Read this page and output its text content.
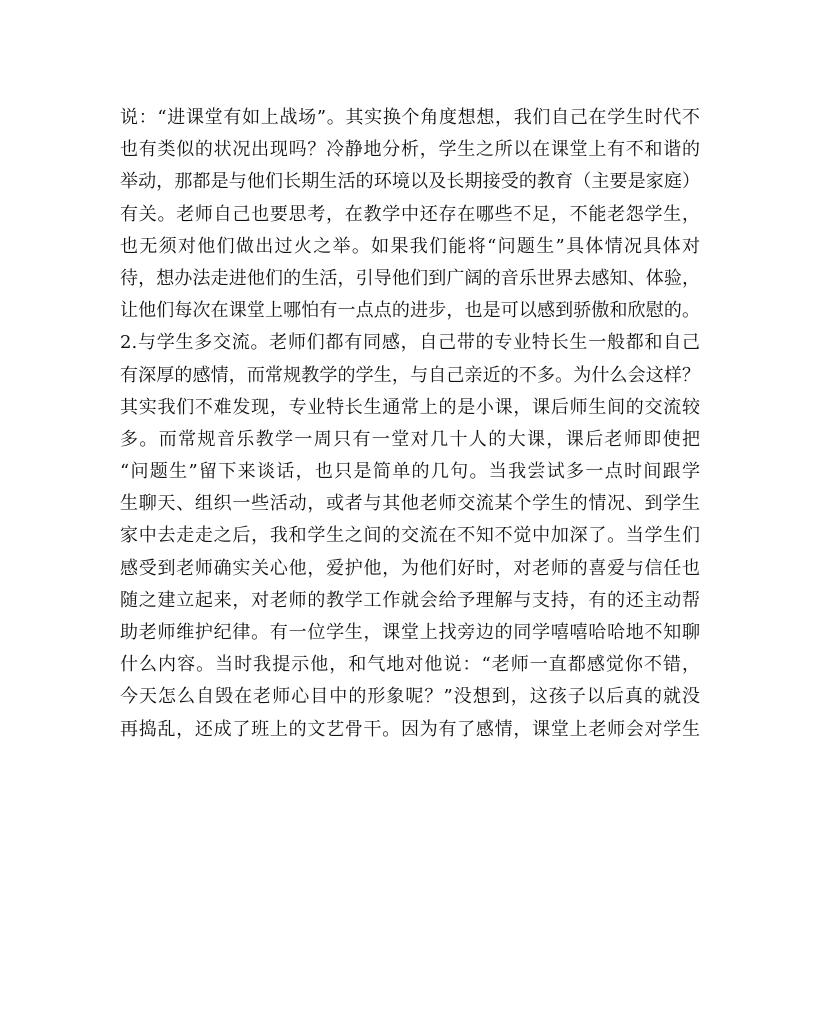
说：“进课堂有如上战场”。其实换个角度想想，我们自己在学生时代不
也有类似的状况出现吗？冷静地分析，学生之所以在课堂上有不和谐的
举动，那都是与他们长期生活的环境以及长期接受的教育（主要是家庭）
有关。老师自己也要思考，在教学中还存在哪些不足，不能老怨学生，
也无须对他们做出过火之举。如果我们能将“问题生”具体情况具体对
待，想办法走进他们的生活，引导他们到广阔的音乐世界去感知、体验，
让他们每次在课堂上哪怕有一点点的进步，也是可以感到骄傲和欣慰的。
2.与学生多交流。老师们都有同感，自己带的专业特长生一般都和自己
有深厚的感情，而常规教学的学生，与自己亲近的不多。为什么会这样？
其实我们不难发现，专业特长生通常上的是小课，课后师生间的交流较
多。而常规音乐教学一周只有一堂对几十人的大课，课后老师即使把
“问题生”留下来谈话，也只是简单的几句。当我尝试多一点时间跟学
生聊天、组织一些活动，或者与其他老师交流某个学生的情况、到学生
家中去走走之后，我和学生之间的交流在不知不觉中加深了。当学生们
感受到老师确实关心他，爱护他，为他们好时，对老师的喜爱与信任也
随之建立起来，对老师的教学工作就会给予理解与支持，有的还主动帮
助老师维护纪律。有一位学生，课堂上找旁边的同学嘻嘻哈哈地不知聊
什么内容。当时我提示他，和气地对他说：“老师一直都感觉你不错，
今天怎么自毁在老师心目中的形象呢？”没想到，这孩子以后真的就没
再捣乱，还成了班上的文艺骨干。因为有了感情，课堂上老师会对学生
